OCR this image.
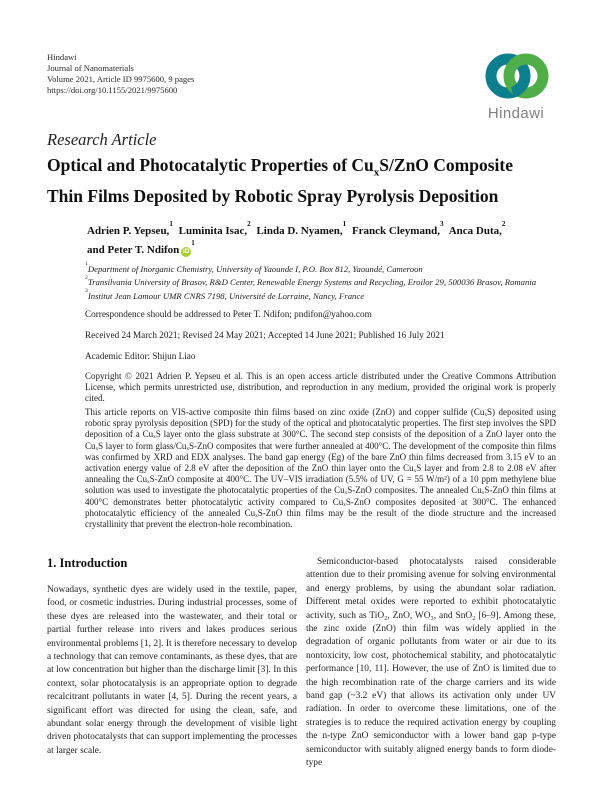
Hindawi
Journal of Nanomaterials
Volume 2021, Article ID 9975600, 9 pages
https://doi.org/10.1155/2021/9975600
Hindawi
Research Article
Optical and Photocatalytic Properties of $Cu_xS$/ZnO Composite
Thin Films Deposited by Robotic Spray Pyrolysis Deposition
Adrien P. Yepseu,$^1$ Luminita Isac,$^2$ Linda D. Nyamen,$^1$ Franck Cleymand,$^3$ Anca Duta,$^2$
and Peter T. Ndifon $iD^1$
$^1$Department of Inorganic Chemistry, University of Yaounde I, P.O. Box 812, Yaoundé, Cameroon
$^2$Transilvania University of Brasov, R&D Center, Renewable Energy Systems and Recycling, Eroilor 29, 500036 Brasov, Romania
$^3$Institut Jean Lamour UMR CNRS 7198, Université de Lorraine, Nancy, France
Correspondence should be addressed to Peter T. Ndifon; pndifon@yahoo.com
Received 24 March 2021; Revised 24 May 2021; Accepted 14 June 2021; Published 16 July 2021
Academic Editor: Shijun Liao
Copyright © 2021 Adrien P. Yepseu et al. This is an open access article distributed under the Creative Commons Attribution License, which permits unrestricted use, distribution, and reproduction in any medium, provided the original work is properly cited.
This article reports on VIS-active composite thin films based on zinc oxide (ZnO) and copper sulfide (CuₓS) deposited using robotic spray pyrolysis deposition (SPD) for the study of the optical and photocatalytic properties. The first step involves the SPD deposition of a CuₓS layer onto the glass substrate at 300°C. The second step consists of the deposition of a ZnO layer onto the CuₓS layer to form glass/CuₓS-ZnO composites that were further annealed at 400°C. The development of the composite thin films was confirmed by XRD and EDX analyses. The band gap energy (Eg) of the bare ZnO thin films decreased from 3.15 eV to an activation energy value of 2.8 eV after the deposition of the ZnO thin layer onto the CuₓS layer and from 2.8 to 2.08 eV after annealing the CuₓS-ZnO composite at 400°C. The UV–VIS irradiation (5.5% of UV, G = 55 W/m²) of a 10 ppm methylene blue solution was used to investigate the photocatalytic properties of the CuₓS-ZnO composites. The annealed CuₓS-ZnO thin films at 400°C demonstrates better photocatalytic activity compared to CuₓS-ZnO composites deposited at 300°C. The enhanced photocatalytic efficiency of the annealed CuₓS-ZnO thin films may be the result of the diode structure and the increased crystallinity that prevent the electron-hole recombination.
1. Introduction
Nowadays, synthetic dyes are widely used in the textile, paper, food, or cosmetic industries. During industrial processes, some of these dyes are released into the wastewater, and their total or partial further release into rivers and lakes produces serious environmental problems [1, 2]. It is therefore necessary to develop a technology that can remove contaminants, as these dyes, that are at low concentration but higher than the discharge limit [3]. In this context, solar photocatalysis is an appropriate option to degrade recalcitrant pollutants in water [4, 5]. During the recent years, a significant effort was directed for using the clean, safe, and abundant solar energy through the development of visible light driven photocatalysts that can support implementing the processes at larger scale.
Semiconductor-based photocatalysts raised considerable attention due to their promising avenue for solving environmental and energy problems, by using the abundant solar radiation. Different metal oxides were reported to exhibit photocatalytic activity, such as TiO₂, ZnO, WO₃, and SnO₂ [6–9]. Among these, the zinc oxide (ZnO) thin film was widely applied in the degradation of organic pollutants from water or air due to its nontoxicity, low cost, photochemical stability, and photocatalytic performance [10, 11]. However, the use of ZnO is limited due to the high recombination rate of the charge carriers and its wide band gap (~3.2 eV) that allows its activation only under UV radiation. In order to overcome these limitations, one of the strategies is to reduce the required activation energy by coupling the n-type ZnO semiconductor with a lower band gap p-type semiconductor with suitably aligned energy bands to form diode-type
